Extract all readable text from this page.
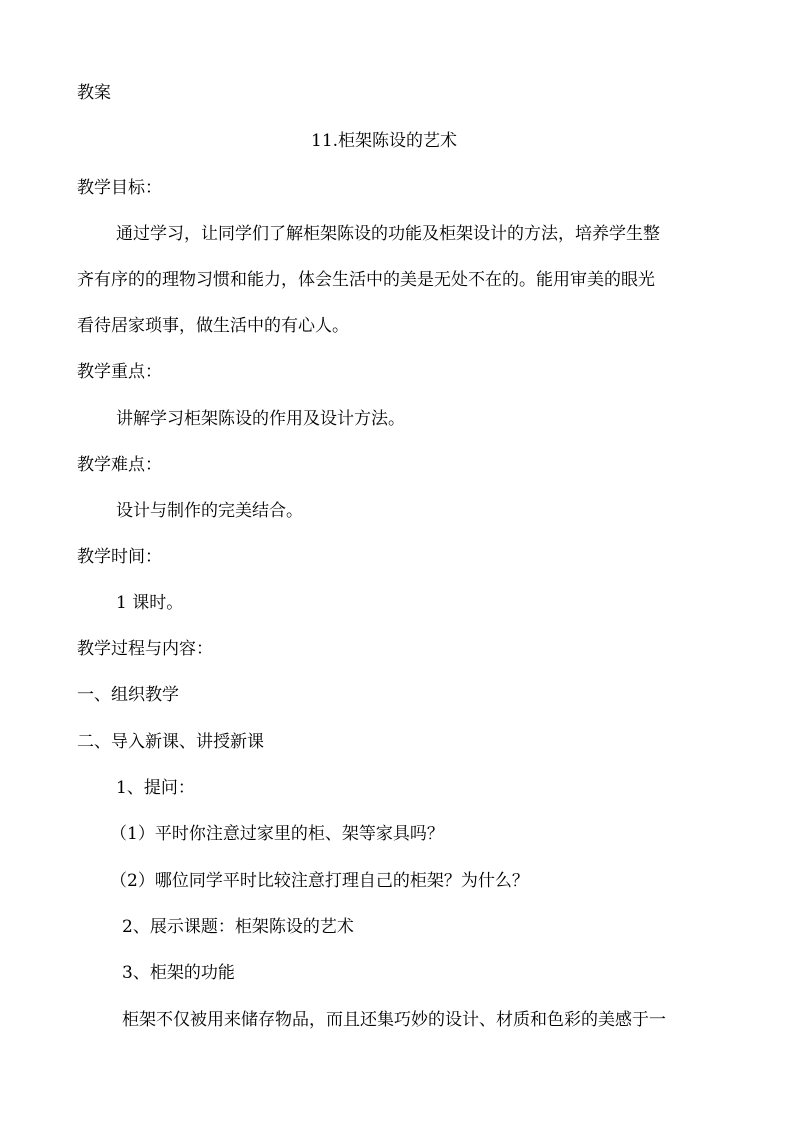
教案
11.柜架陈设的艺术
教学目标：
通过学习，让同学们了解柜架陈设的功能及柜架设计的方法，培养学生整
齐有序的的理物习惯和能力，体会生活中的美是无处不在的。能用审美的眼光
看待居家琐事，做生活中的有心人。
教学重点：
讲解学习柜架陈设的作用及设计方法。
教学难点：
设计与制作的完美结合。
教学时间：
1 课时。
教学过程与内容：
一、组织教学
二、导入新课、讲授新课
1、提问：
（1）平时你注意过家里的柜、架等家具吗？
（2）哪位同学平时比较注意打理自己的柜架？为什么？
2、展示课题：柜架陈设的艺术
3、柜架的功能
柜架不仅被用来储存物品，而且还集巧妙的设计、材质和色彩的美感于一
